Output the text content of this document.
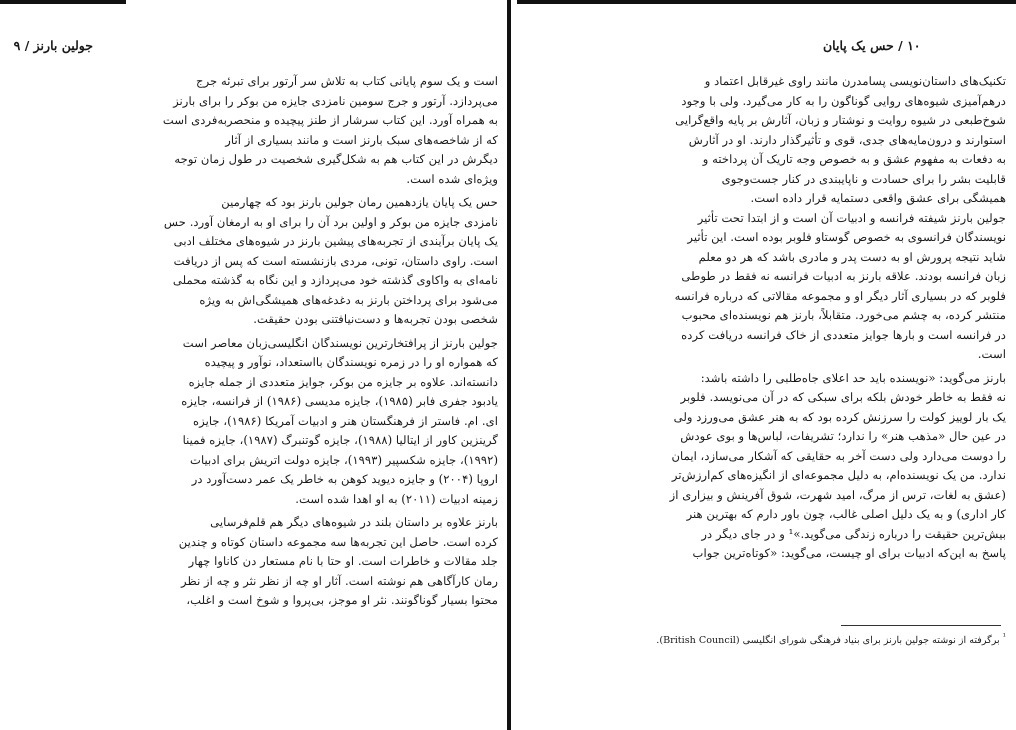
جولین بارنز / ۹
است و یک سوم پایانی کتاب به تلاش سر آرتور برای تبرئه جرج
می‌پردازد. آرتور و جرج سومین نامزدی جایزه من بوکر را برای بارنز
به همراه آورد. این کتاب سرشار از طنز پیچیده و منحصربه‌فردی است
که از شاخصه‌های سبک بارنز است و مانند بسیاری از آثار
دیگرش در این کتاب هم به شکل‌گیری شخصیت در طول زمان توجه
ویژه‌ای شده است.
حس یک پایان یازدهمین رمان جولین بارنز بود که چهارمین
نامزدی جایزه من بوکر و اولین برد آن را برای او به ارمغان آورد. حس
یک پایان برآیندی از تجربه‌های پیشین بارنز در شیوه‌های مختلف ادبی
است. راوی داستان، تونی، مردی بازنشسته است که پس از دریافت
نامه‌ای به واکاوی گذشته خود می‌پردازد و این نگاه به گذشته محملی
می‌شود برای پرداختن بارنز به دغدغه‌های همیشگی‌اش به ویژه
شخصی بودن تجربه‌ها و دست‌نیافتنی بودن حقیقت.
جولین بارنز از پرافتخارترین نویسندگان انگلیسی‌زبان معاصر است
که همواره او را در زمره نویسندگان بااستعداد، نوآور و پیچیده
دانسته‌اند. علاوه بر جایزه من بوکر، جوایز متعددی از جمله جایزه
یادبود جفری فابر (۱۹۸۵)، جایزه مدیسی (۱۹۸۶) از فرانسه، جایزه
ای. ام. فاستر از فرهنگستان هنر و ادبیات آمریکا (۱۹۸۶)، جایزه
گرینزین کاور از ایتالیا (۱۹۸۸)، جایزه گوتنبرگ (۱۹۸۷)، جایزه فمینا
(۱۹۹۲)، جایزه شکسپیر (۱۹۹۳)، جایزه دولت اتریش برای ادبیات
اروپا (۲۰۰۴) و جایزه دیوید کوهن به خاطر یک عمر دست‌آورد در
زمینه ادبیات (۲۰۱۱) به او اهدا شده است.
بارنز علاوه بر داستان بلند در شیوه‌های دیگر هم قلم‌فرسایی
کرده است. حاصل این تجربه‌ها سه مجموعه داستان کوتاه و چندین
جلد مقالات و خاطرات است. او حتا با نام مستعار دن کاناوا چهار
رمان کارآگاهی هم نوشته است. آثار او چه از نظر نثر و چه از نظر
محتوا بسیار گوناگونند. نثر او موجز، بی‌پروا و شوخ است و اغلب،
۱۰ / حس یک پایان
تکنیک‌های داستان‌نویسی پسامدرن مانند راوی غیرقابل اعتماد و
درهم‌آمیزی شیوه‌های روایی گوناگون را به کار می‌گیرد. ولی با وجود
شوخ‌طبعی در شیوه روایت و نوشتار و زبان، آثارش بر پایه واقع‌گرایی
استوارند و درون‌مایه‌های جدی، قوی و تأثیرگذار دارند. او در آثارش
به دفعات به مفهوم عشق و به خصوص وجه تاریک آن پرداخته و
قابلیت بشر را برای حسادت و ناپایبندی در کنار جست‌وجوی
همیشگی برای عشق واقعی دستمایه قرار داده است.
جولین بارنز شیفته فرانسه و ادبیات آن است و از ابتدا تحت تأثیر
نویسندگان فرانسوی به خصوص گوستاو فلوبر بوده است. این تأثیر
شاید نتیجه پرورش او به دست پدر و مادری باشد که هر دو معلم
زبان فرانسه بودند. علاقه بارنز به ادبیات فرانسه نه فقط در طوطی
فلوبر که در بسیاری آثار دیگر او و مجموعه مقالاتی که درباره فرانسه
منتشر کرده، به چشم می‌خورد. متقابلاً، بارنز هم نویسنده‌ای محبوب
در فرانسه است و بارها جوایز متعددی از خاک فرانسه دریافت کرده
است.
بارنز می‌گوید: «نویسنده باید حد اعلای جاه‌طلبی را داشته باشد:
نه فقط به خاطر خودش بلکه برای سبکی که در آن می‌نویسد. فلوبر
یک بار لوییز کولت را سرزنش کرده بود که به هنر عشق می‌ورزد ولی
در عین حال «مذهب هنر» را ندارد؛ تشریفات، لباس‌ها و بوی عودش
را دوست می‌دارد ولی دست آخر به حقایقی که آشکار می‌سازد، ایمان
ندارد. من یک نویسنده‌ام، به دلیل مجموعه‌ای از انگیزه‌های کم‌ارزش‌تر
(عشق به لغات، ترس از مرگ، امید شهرت، شوق آفرینش و بیزاری از
کار اداری) و به یک دلیل اصلی غالب، چون باور دارم که بهترین هنر
بیش‌ترین حقیقت را درباره زندگی می‌گوید.»¹ و در جای دیگر در
پاسخ به این‌که ادبیات برای او چیست، می‌گوید: «کوتاه‌ترین جواب
$^{^1}$ برگرفته از نوشته جولین بارنز برای بنیاد فرهنگی شورای انگلیسی (British Council).
